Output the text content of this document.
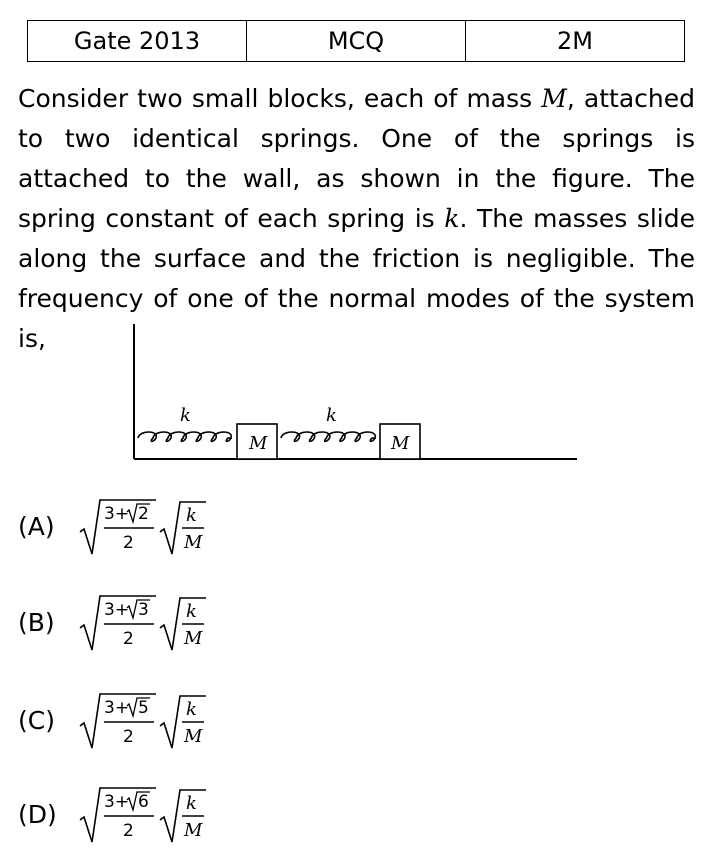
Gate 2013	MCQ	2M

Consider two small blocks, each of mass M, attached to two identical springs. One of the springs is attached to the wall, as shown in the figure. The spring constant of each spring is k. The masses slide along the surface and the friction is negligible. The frequency of one of the normal modes of the system is,

k	k
M	M
(A)	3+ 2
2
k
M
(B)	3+ 3
2
k
M
(C)	3+ 5
2
k
M
(D)	3+ 6
2
k
M
